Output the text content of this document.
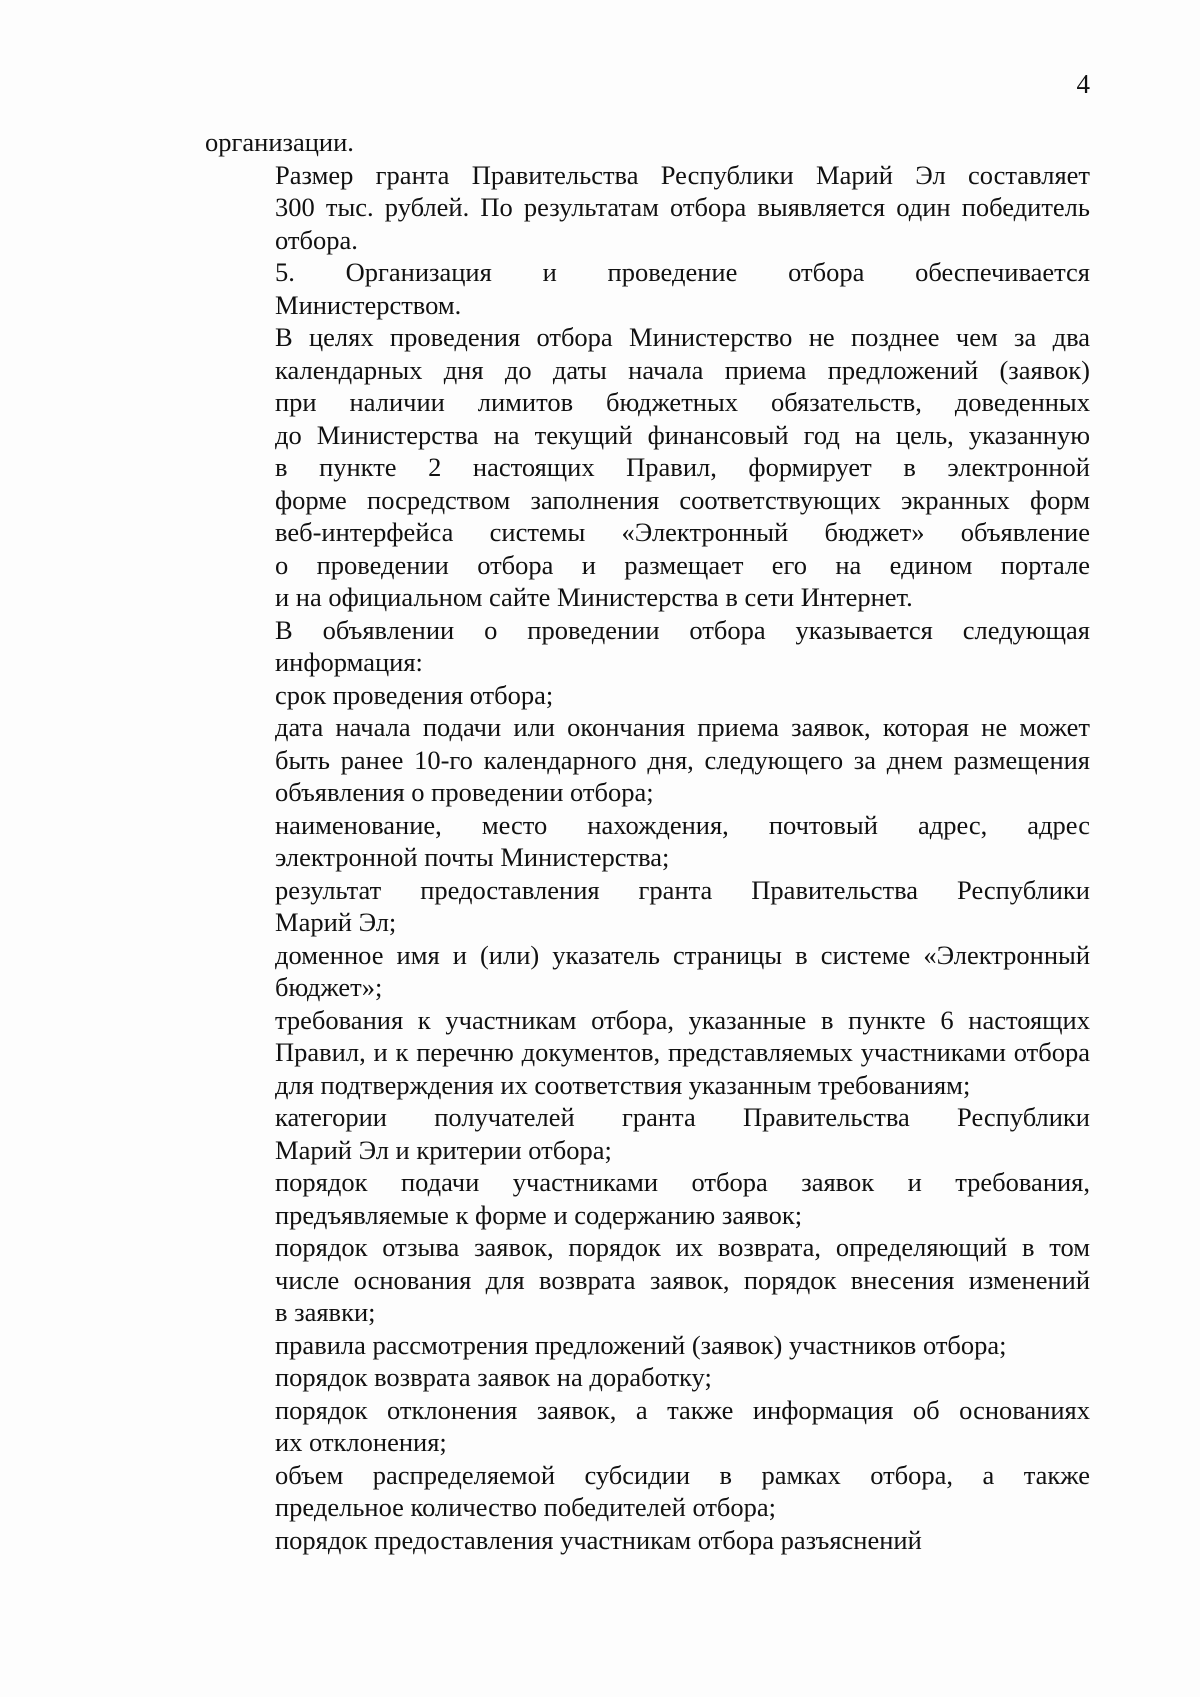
4

организации.

Размер гранта Правительства Республики Марий Эл составляет
300 тыс. рублей. По результатам отбора выявляется один победитель
отбора.

5. Организация и проведение отбора обеспечивается
Министерством.

В целях проведения отбора Министерство не позднее чем за два
календарных дня до даты начала приема предложений (заявок)
при наличии лимитов бюджетных обязательств, доведенных
до Министерства на текущий финансовый год на цель, указанную
в пункте 2 настоящих Правил, формирует в электронной
форме посредством заполнения соответствующих экранных форм
веб-интерфейса системы «Электронный бюджет» объявление
о проведении отбора и размещает его на едином портале
и на официальном сайте Министерства в сети Интернет.

В объявлении о проведении отбора указывается следующая
информация:

срок проведения отбора;

дата начала подачи или окончания приема заявок, которая не может
быть ранее 10-го календарного дня, следующего за днем размещения
объявления о проведении отбора;

наименование, место нахождения, почтовый адрес, адрес
электронной почты Министерства;

результат предоставления гранта Правительства Республики
Марий Эл;

доменное имя и (или) указатель страницы в системе «Электронный
бюджет»;

требования к участникам отбора, указанные в пункте 6 настоящих
Правил, и к перечню документов, представляемых участниками отбора
для подтверждения их соответствия указанным требованиям;

категории получателей гранта Правительства Республики
Марий Эл и критерии отбора;

порядок подачи участниками отбора заявок и требования,
предъявляемые к форме и содержанию заявок;

порядок отзыва заявок, порядок их возврата, определяющий в том
числе основания для возврата заявок, порядок внесения изменений
в заявки;

правила рассмотрения предложений (заявок) участников отбора;

порядок возврата заявок на доработку;

порядок отклонения заявок, а также информация об основаниях
их отклонения;

объем распределяемой субсидии в рамках отбора, а также
предельное количество победителей отбора;

порядок предоставления участникам отбора разъяснений
